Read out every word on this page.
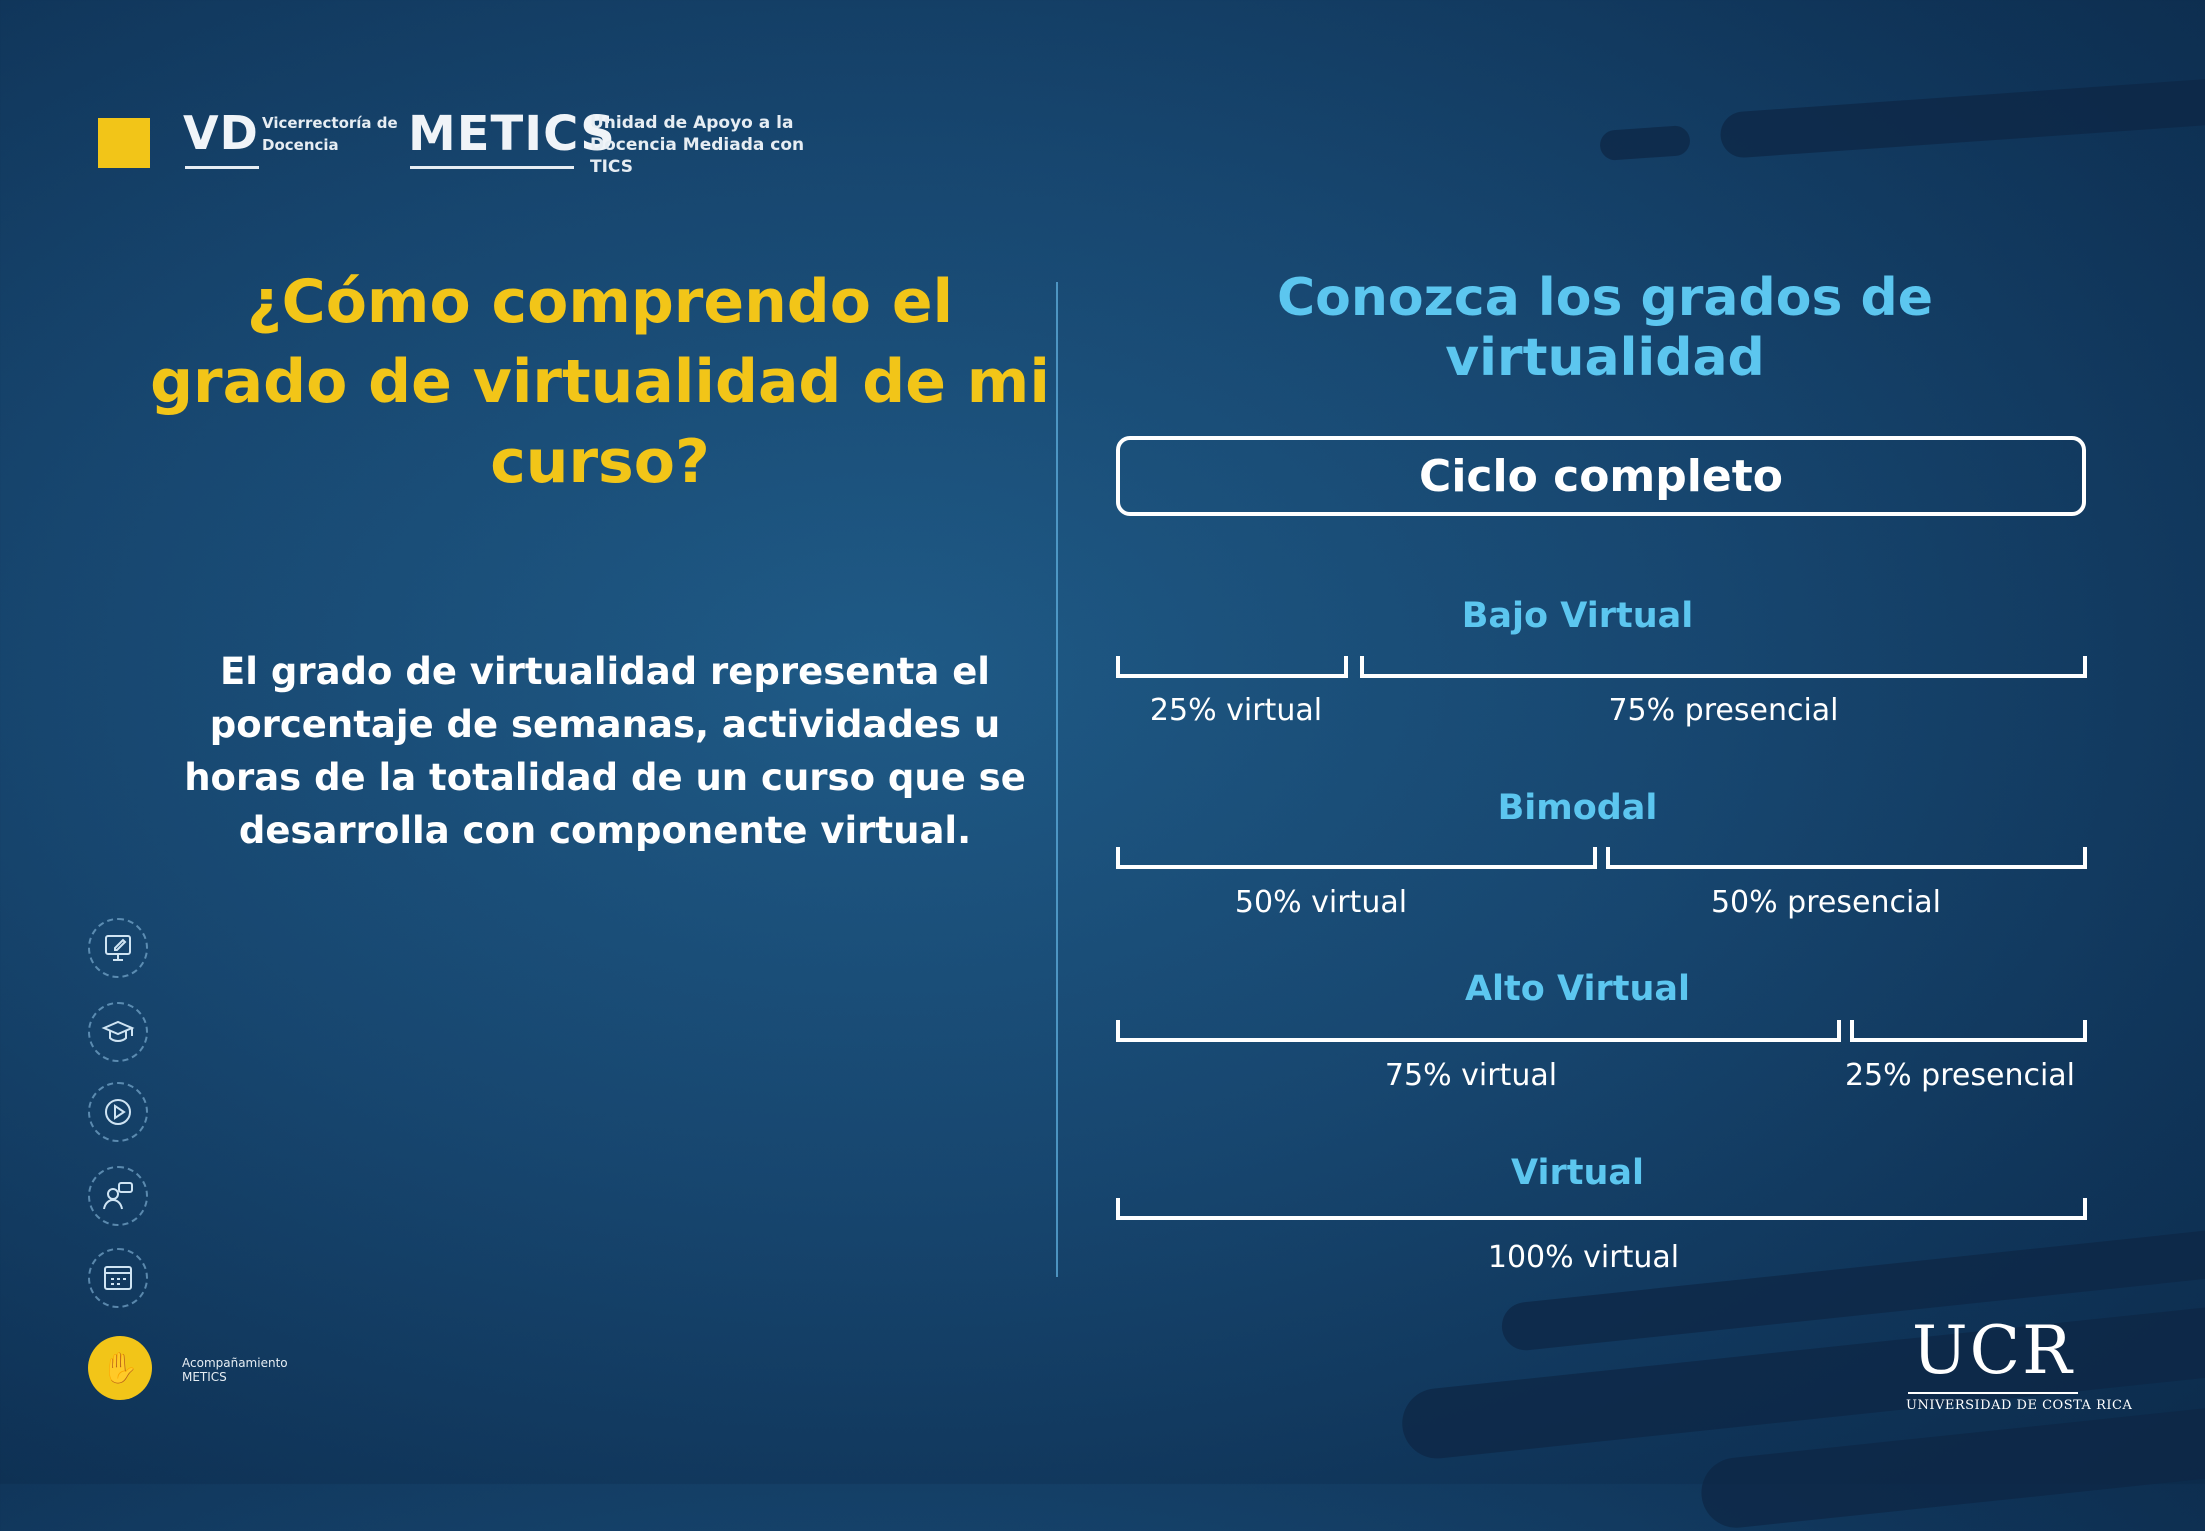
VD Vicerrectoría de Docencia	METICS
Unidad de Apoyo a la Docencia Mediada con TICS
¿Cómo comprendo el grado de virtualidad de mi curso?
El grado de virtualidad representa el porcentaje de semanas, actividades u horas de la totalidad de un curso que se desarrolla con componente virtual.
Conozca los grados de virtualidad
Ciclo completo
Bajo Virtual
25% virtual	75% presencial
Bimodal
50% virtual	50% presencial
Alto Virtual
75% virtual	25% presencial
Virtual
100% virtual
✋	Acompañamiento METICS	UCR
UNIVERSIDAD DE COSTA RICA
